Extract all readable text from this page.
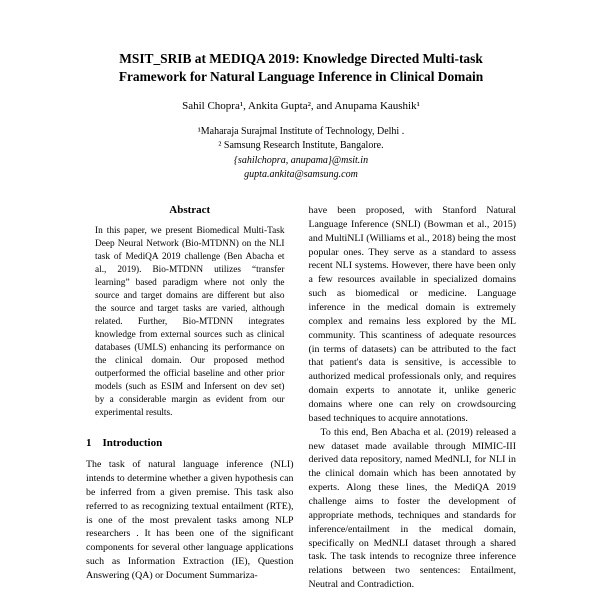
MSIT_SRIB at MEDIQA 2019: Knowledge Directed Multi-task Framework for Natural Language Inference in Clinical Domain
Sahil Chopra¹, Ankita Gupta², and Anupama Kaushik¹
¹Maharaja Surajmal Institute of Technology, Delhi .
² Samsung Research Institute, Bangalore.
{sahilchopra, anupama}@msit.in
gupta.ankita@samsung.com
Abstract

In this paper, we present Biomedical Multi-Task Deep Neural Network (Bio-MTDNN) on the NLI task of MediQA 2019 challenge (Ben Abacha et al., 2019). Bio-MTDNN utilizes “transfer learning” based paradigm where not only the source and target domains are different but also the source and target tasks are varied, although related. Further, Bio-MTDNN integrates knowledge from external sources such as clinical databases (UMLS) enhancing its performance on the clinical domain. Our proposed method outperformed the official baseline and other prior models (such as ESIM and Infersent on dev set) by a considerable margin as evident from our experimental results.

1 Introduction

The task of natural language inference (NLI) intends to determine whether a given hypothesis can be inferred from a given premise. This task also referred to as recognizing textual entailment (RTE), is one of the most prevalent tasks among NLP researchers . It has been one of the significant components for several other language applications such as Information Extraction (IE), Question Answering (QA) or Document Summariza-

have been proposed, with Stanford Natural Language Inference (SNLI) (Bowman et al., 2015) and MultiNLI (Williams et al., 2018) being the most popular ones. They serve as a standard to assess recent NLI systems. However, there have been only a few resources available in specialized domains such as biomedical or medicine. Language inference in the medical domain is extremely complex and remains less explored by the ML community. This scantiness of adequate resources (in terms of datasets) can be attributed to the fact that patient's data is sensitive, is accessible to authorized medical professionals only, and requires domain experts to annotate it, unlike generic domains where one can rely on crowdsourcing based techniques to acquire annotations.

To this end, Ben Abacha et al. (2019) released a new dataset made available through MIMIC-III derived data repository, named MedNLI, for NLI in the clinical domain which has been annotated by experts. Along these lines, the MediQA 2019 challenge aims to foster the development of appropriate methods, techniques and standards for inference/entailment in the medical domain, specifically on MedNLI dataset through a shared task. The task intends to recognize three inference relations between two sentences: Entailment, Neutral and Contradiction.
